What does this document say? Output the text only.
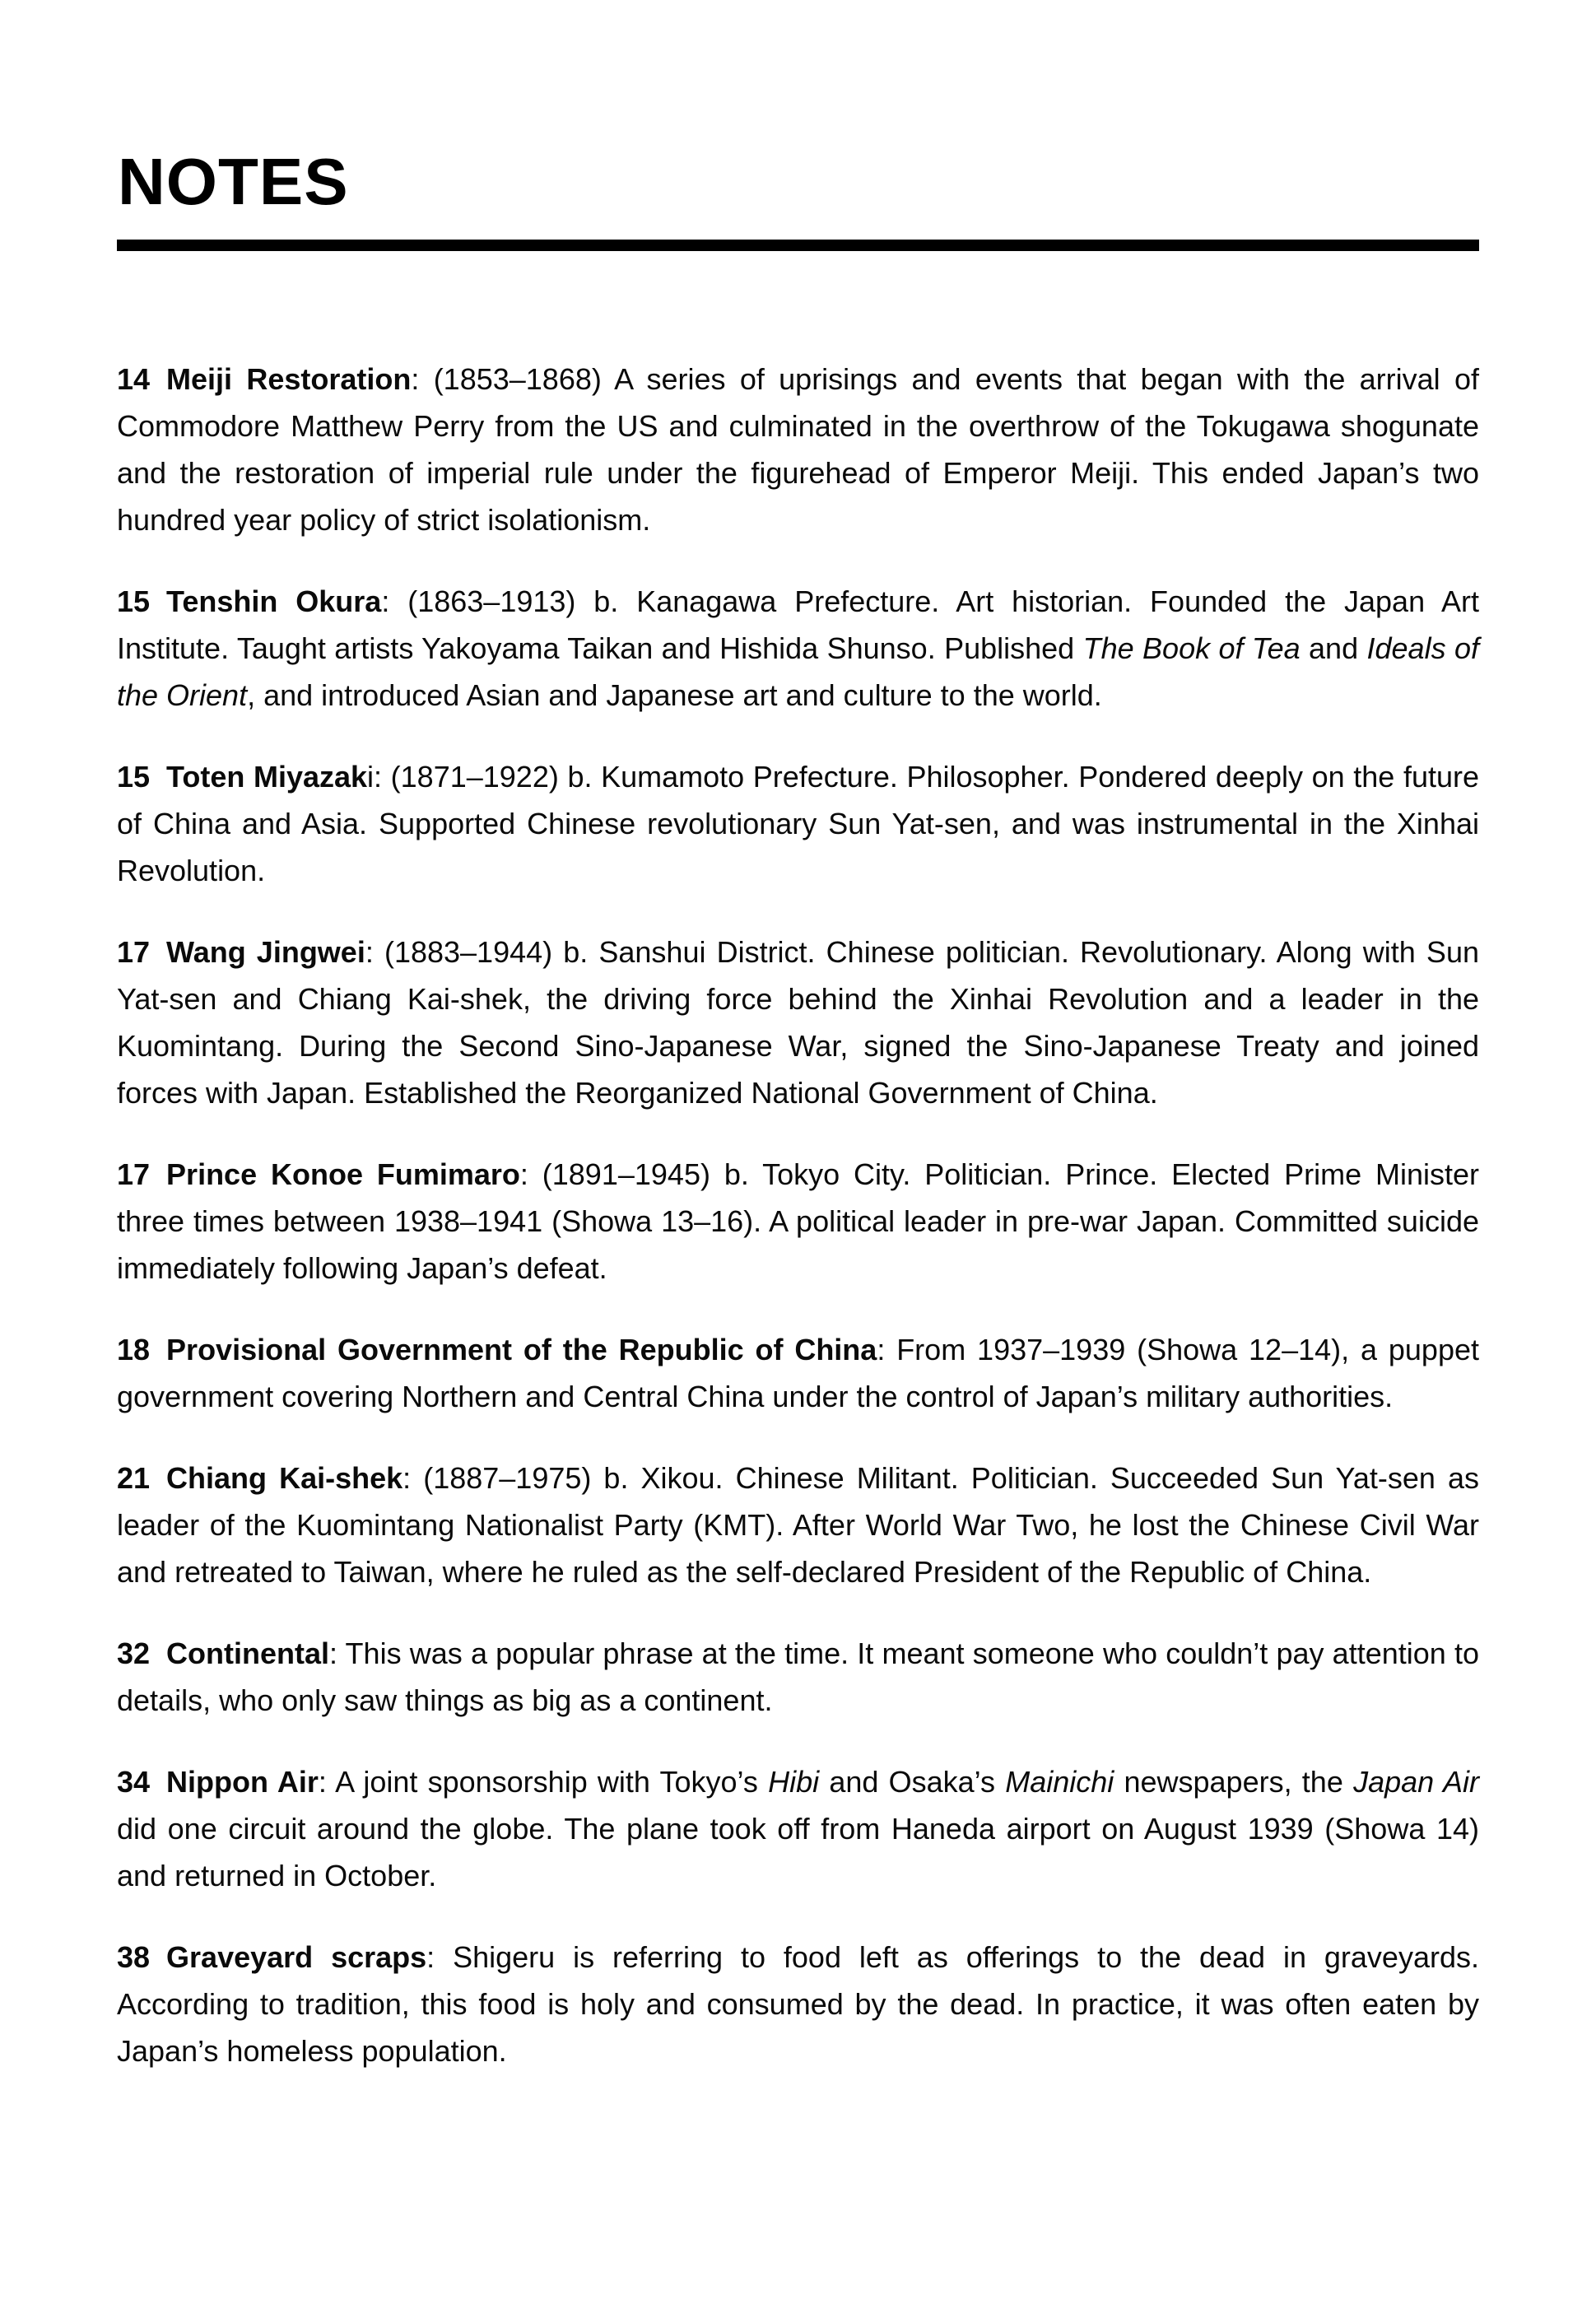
NOTES

14 Meiji Restoration: (1853–1868) A series of uprisings and events that began with the arrival of Commodore Matthew Perry from the US and culminated in the overthrow of the Tokugawa shogunate and the restoration of imperial rule under the figurehead of Emperor Meiji. This ended Japan’s two hundred year policy of strict isolationism.

15 Tenshin Okura: (1863–1913) b. Kanagawa Prefecture. Art historian. Founded the Japan Art Institute. Taught artists Yakoyama Taikan and Hishida Shunso. Published The Book of Tea and Ideals of the Orient, and introduced Asian and Japanese art and culture to the world.

15 Toten Miyazaki: (1871–1922) b. Kumamoto Prefecture. Philosopher. Pondered deeply on the future of China and Asia. Supported Chinese revolutionary Sun Yat-sen, and was instrumental in the Xinhai Revolution.

17 Wang Jingwei: (1883–1944) b. Sanshui District. Chinese politician. Revolutionary. Along with Sun Yat-sen and Chiang Kai-shek, the driving force behind the Xinhai Revolution and a leader in the Kuomintang. During the Second Sino-Japanese War, signed the Sino-Japanese Treaty and joined forces with Japan. Established the Reorganized National Government of China.

17 Prince Konoe Fumimaro: (1891–1945) b. Tokyo City. Politician. Prince. Elected Prime Minister three times between 1938–1941 (Showa 13–16). A political leader in pre-war Japan. Committed suicide immediately following Japan’s defeat.

18 Provisional Government of the Republic of China: From 1937–1939 (Showa 12–14), a puppet government covering Northern and Central China under the control of Japan’s military authorities.

21 Chiang Kai-shek: (1887–1975) b. Xikou. Chinese Militant. Politician. Succeeded Sun Yat-sen as leader of the Kuomintang Nationalist Party (KMT). After World War Two, he lost the Chinese Civil War and retreated to Taiwan, where he ruled as the self-declared President of the Republic of China.

32 Continental: This was a popular phrase at the time. It meant someone who couldn’t pay attention to details, who only saw things as big as a continent.

34 Nippon Air: A joint sponsorship with Tokyo’s Hibi and Osaka’s Mainichi newspapers, the Japan Air did one circuit around the globe. The plane took off from Haneda airport on August 1939 (Showa 14) and returned in October.

38 Graveyard scraps: Shigeru is referring to food left as offerings to the dead in graveyards. According to tradition, this food is holy and consumed by the dead. In practice, it was often eaten by Japan’s homeless population.
